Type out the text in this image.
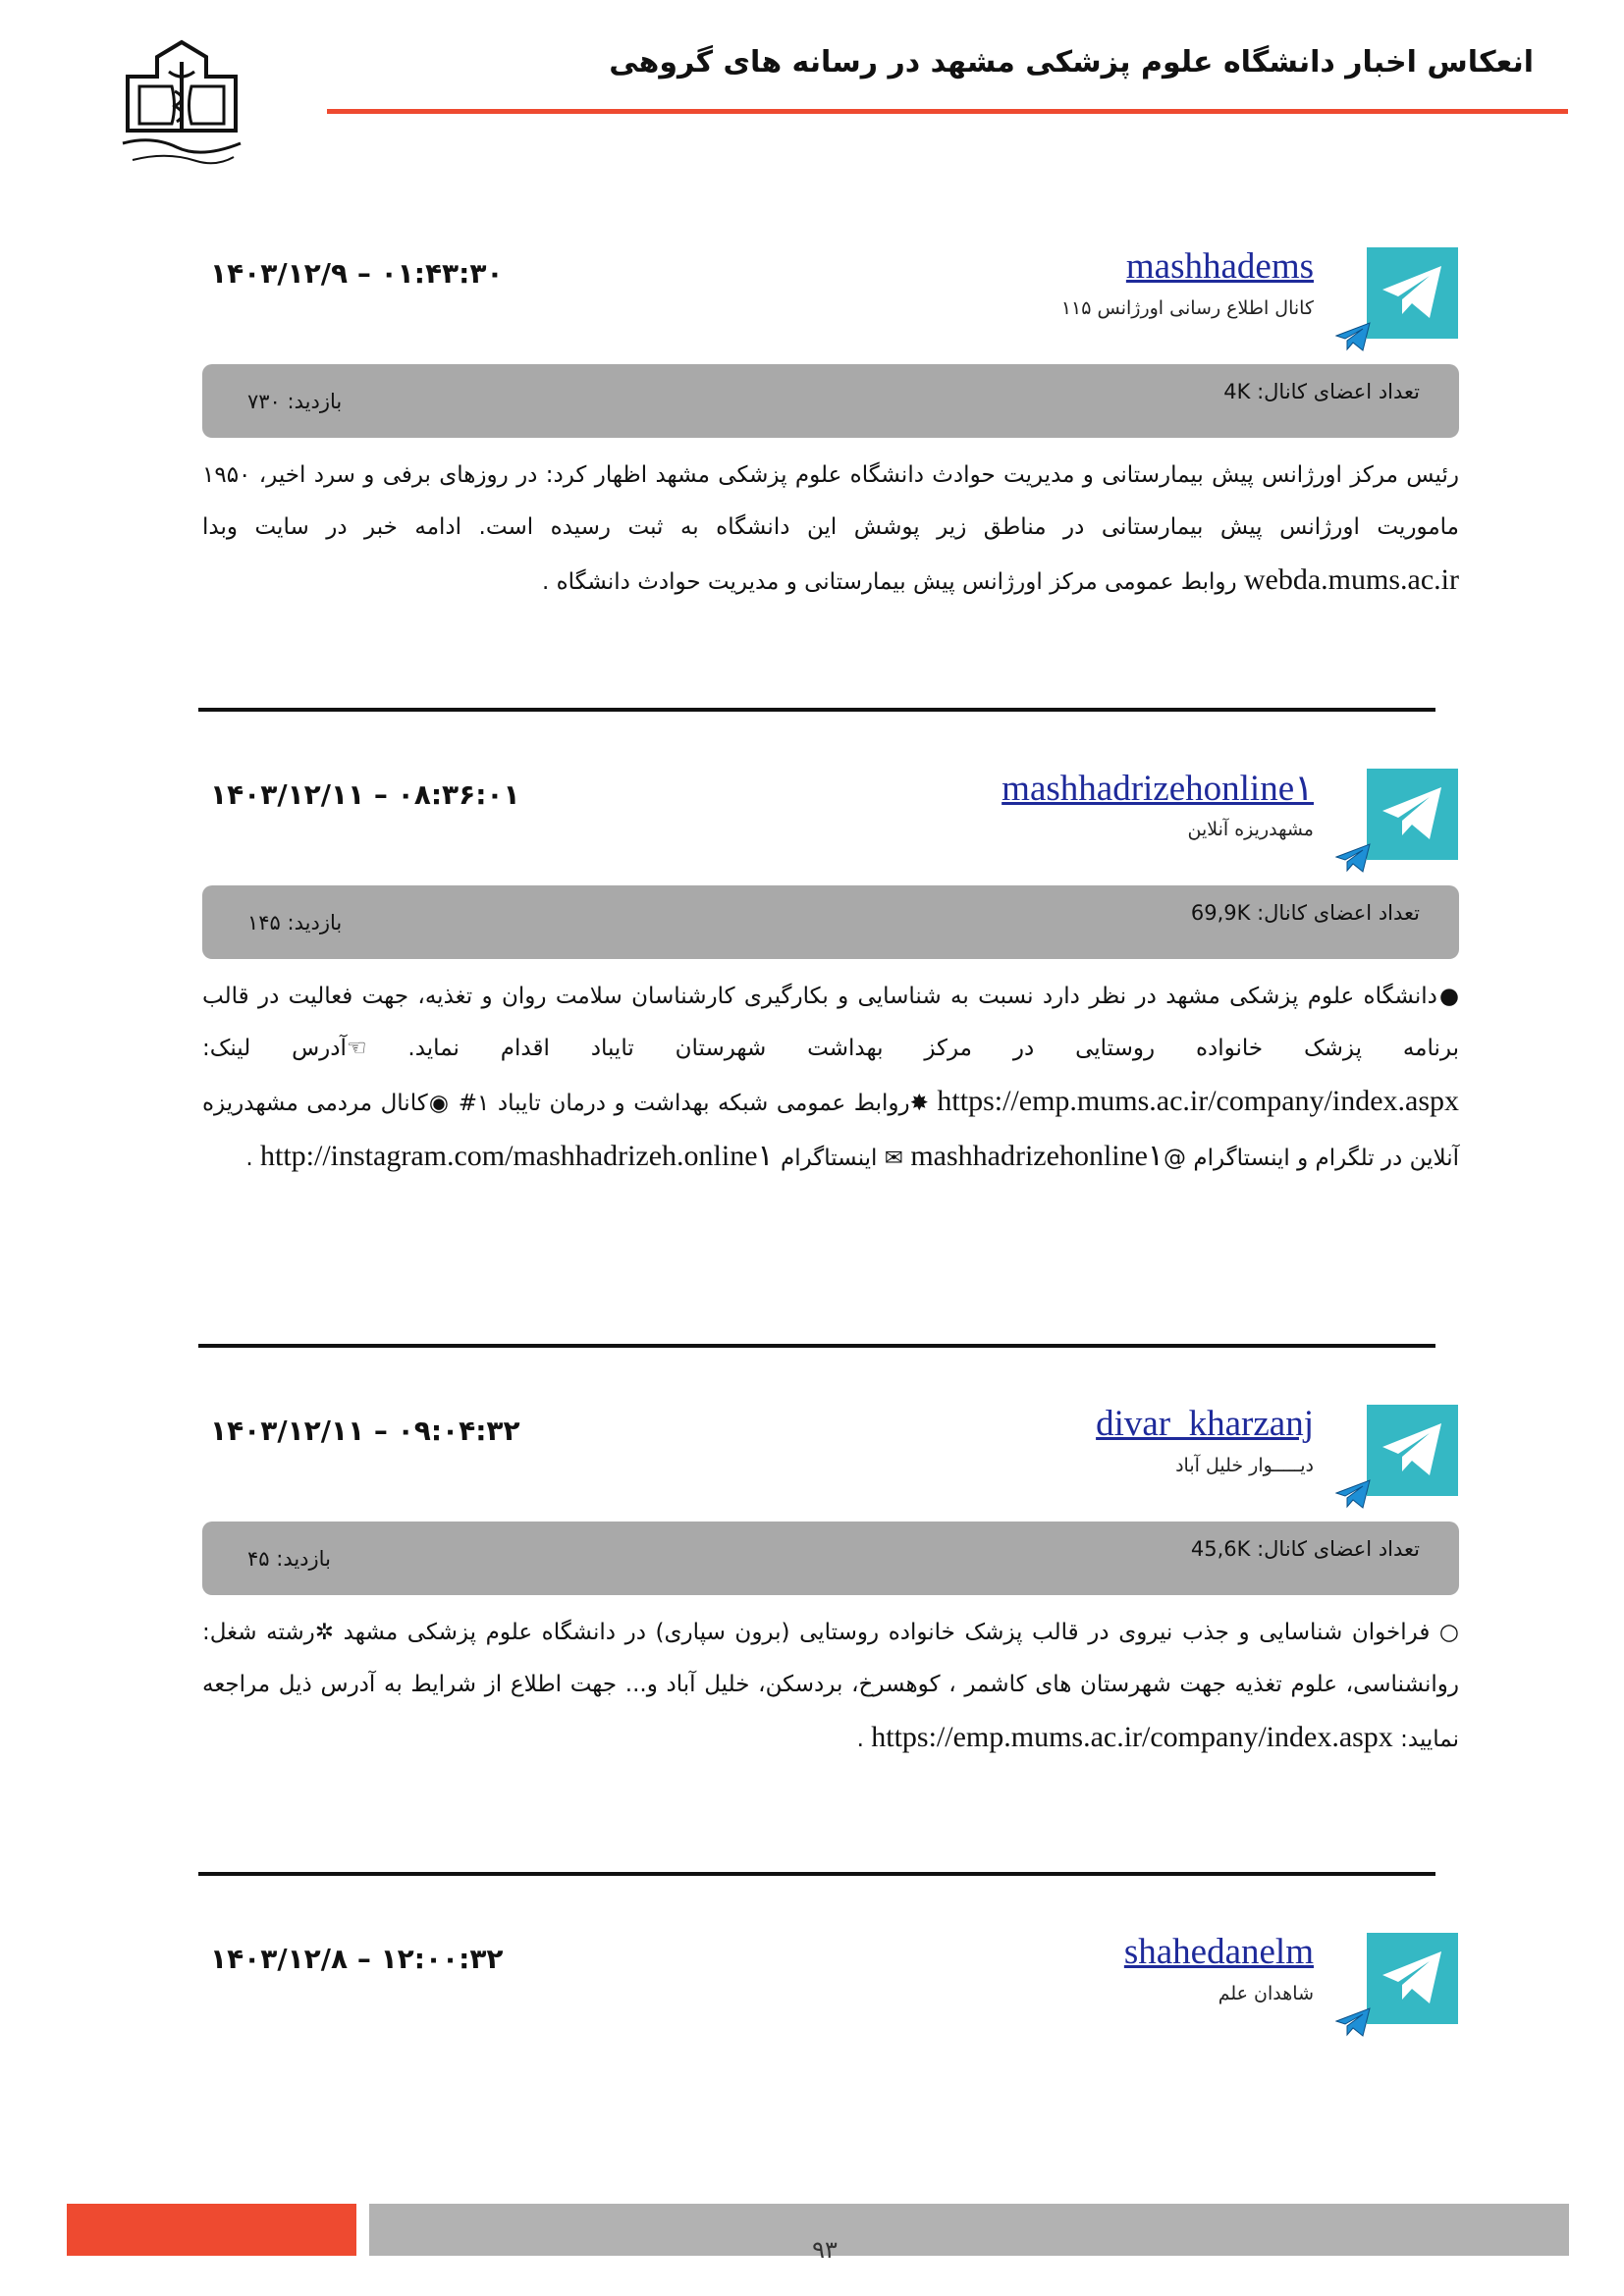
انعکاس اخبار دانشگاه علوم پزشکی مشهد در رسانه های گروهی
mashhadems
کانال اطلاع رسانی اورژانس ۱۱۵
۱۴۰۳/۱۲/۹ – ۰۱:۴۳:۳۰
تعداد اعضای کانال: 4K
بازدید: ۷۳۰
رئیس مرکز اورژانس پیش بیمارستانی و مدیریت حوادث دانشگاه علوم پزشکی مشهد اظهار کرد: در روزهای برفی و سرد اخیر، ۱۹۵۰ ماموریت اورژانس پیش بیمارستانی در مناطق زیر پوشش این دانشگاه به ثبت رسیده است. ادامه خبر در سایت وبدا webda.mums.ac.ir روابط عمومی مرکز اورژانس پیش بیمارستانی و مدیریت حوادث دانشگاه .
mashhadrizehonline۱
مشهدریزه آنلاین
۱۴۰۳/۱۲/۱۱ – ۰۸:۳۶:۰۱
تعداد اعضای کانال: 69,9K
بازدید: ۱۴۵
●دانشگاه علوم پزشکی مشهد در نظر دارد نسبت به شناسایی و بکارگیری کارشناسان سلامت روان و تغذیه، جهت فعالیت در قالب برنامه پزشک خانواده روستایی در مرکز بهداشت شهرستان تایباد اقدام نماید. ☜آدرس لینک: https://emp.mums.ac.ir/company/index.aspx ✸روابط عمومی شبکه بهداشت و درمان تایباد ۱# ◉کانال مردمی مشهدریزه آنلاین در تلگرام و اینستاگرام @mashhadrizehonline۱ ✉ اینستاگرام http://instagram.com/mashhadrizeh.online۱ .
divar_kharzanj
دیـــــوار خلیل آباد
۱۴۰۳/۱۲/۱۱ – ۰۹:۰۴:۳۲
تعداد اعضای کانال: 45,6K
بازدید: ۴۵
○ فراخوان شناسایی و جذب نیروی در قالب پزشک خانواده روستایی (برون سپاری) در دانشگاه علوم پزشکی مشهد ✲رشته شغل: روانشناسی، علوم تغذیه جهت شهرستان های کاشمر ، کوهسرخ، بردسکن، خلیل آباد و... جهت اطلاع از شرایط به آدرس ذیل مراجعه نمایید: https://emp.mums.ac.ir/company/index.aspx .
shahedanelm
شاهدان علم
۱۴۰۳/۱۲/۸ – ۱۲:۰۰:۳۲
۹۳
